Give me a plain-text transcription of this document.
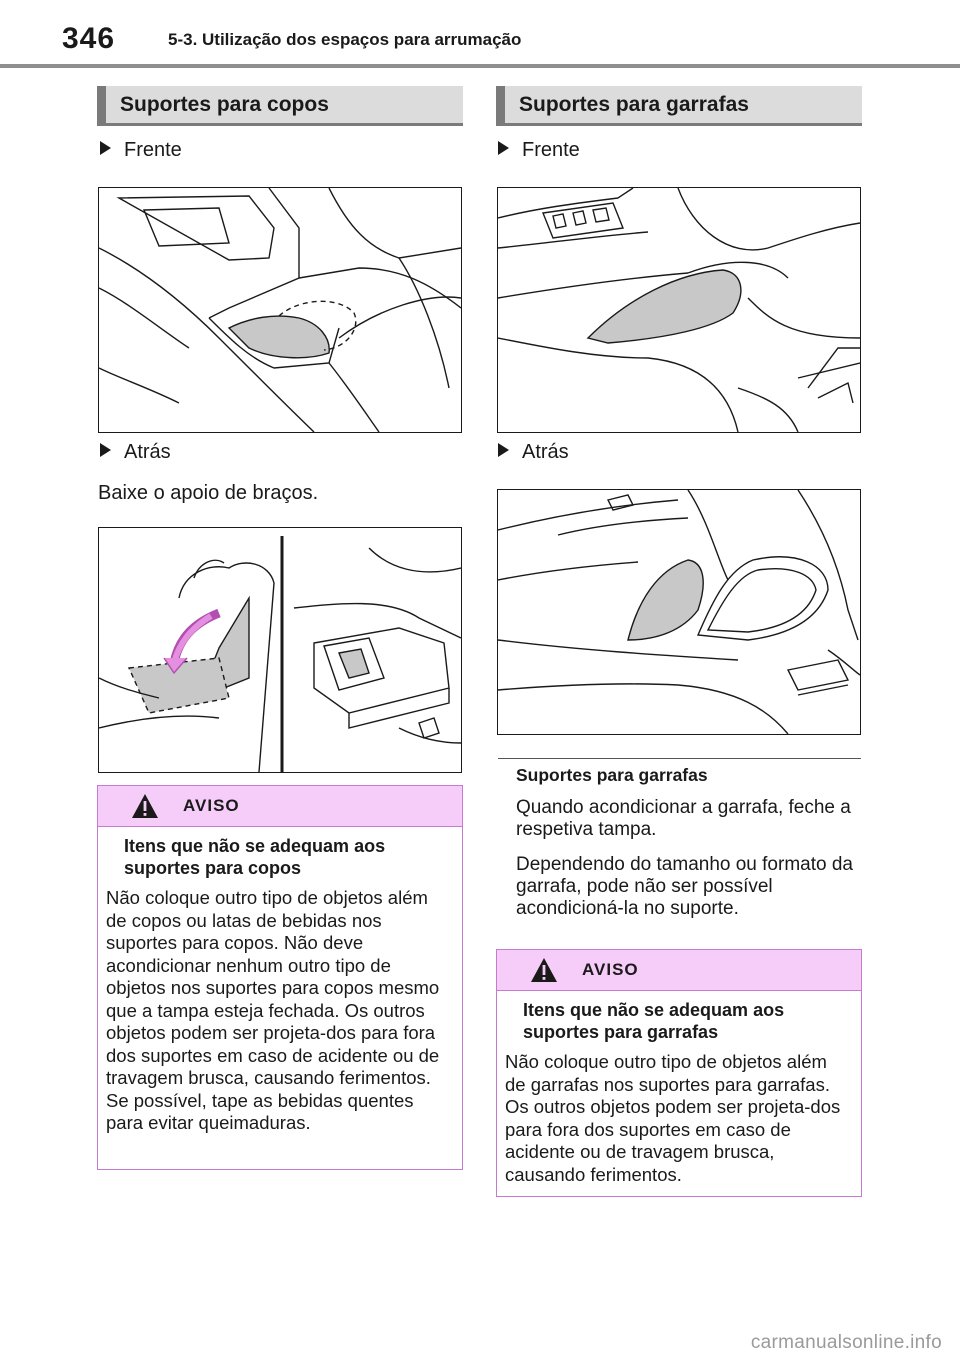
346	5-3. Utilização dos espaços para arrumação
Suportes para copos
Frente
Atrás
Baixe o apoio de braços.
AVISO
Itens que não se adequam aos suportes para copos
Não coloque outro tipo de objetos além de copos ou latas de bebidas nos suportes para copos. Não deve acondicionar nenhum outro tipo de objetos nos suportes para copos mesmo que a tampa esteja fechada. Os outros objetos podem ser projeta-dos para fora dos suportes em caso de acidente ou de travagem brusca, causando ferimentos. Se possível, tape as bebidas quentes para evitar queimaduras.
Suportes para garrafas
Frente
Atrás
Suportes para garrafas
Quando acondicionar a garrafa, feche a respetiva tampa.
Dependendo do tamanho ou formato da garrafa, pode não ser possível acondicioná-la no suporte.
AVISO
Itens que não se adequam aos suportes para garrafas
Não coloque outro tipo de objetos além de garrafas nos suportes para garrafas. Os outros objetos podem ser projeta-dos para fora dos suportes em caso de acidente ou de travagem brusca, causando ferimentos.
carmanualsonline.info
